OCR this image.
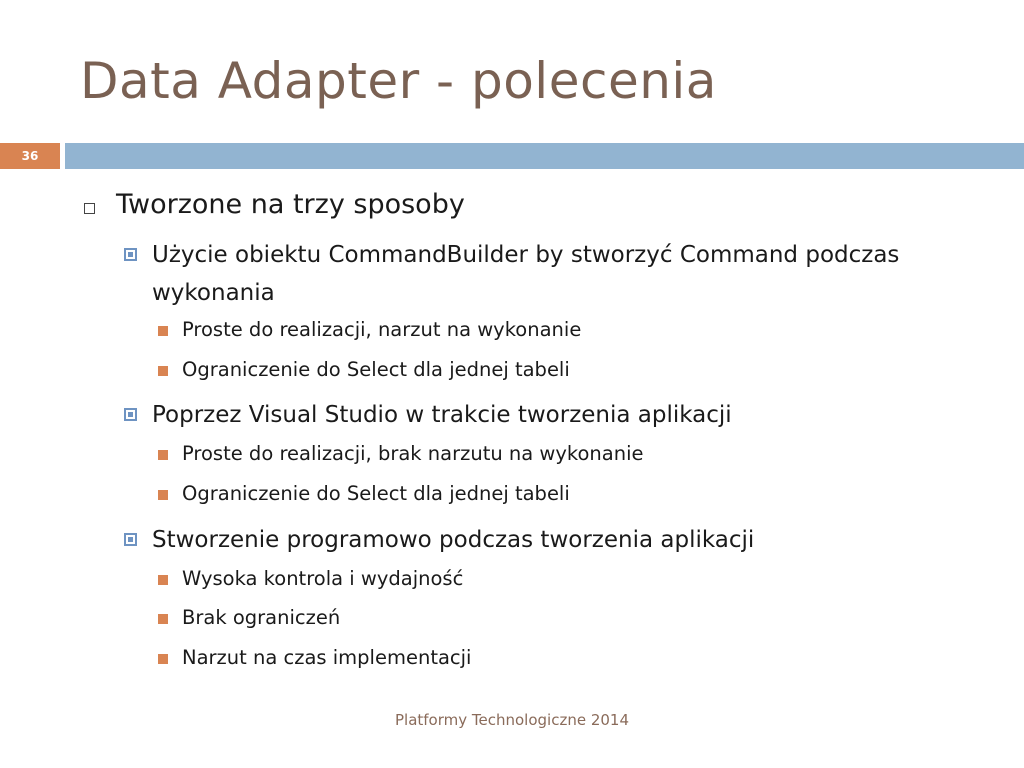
Data Adapter - polecenia
36
Tworzone na trzy sposoby
Użycie obiektu CommandBuilder by stworzyć Command podczas wykonania
Proste do realizacji, narzut na wykonanie
Ograniczenie do Select dla jednej tabeli
Poprzez Visual Studio w trakcie tworzenia aplikacji
Proste do realizacji, brak narzutu na wykonanie
Ograniczenie do Select dla jednej tabeli
Stworzenie programowo podczas tworzenia aplikacji
Wysoka kontrola i wydajność
Brak ograniczeń
Narzut na czas implementacji
Platformy Technologiczne 2014
